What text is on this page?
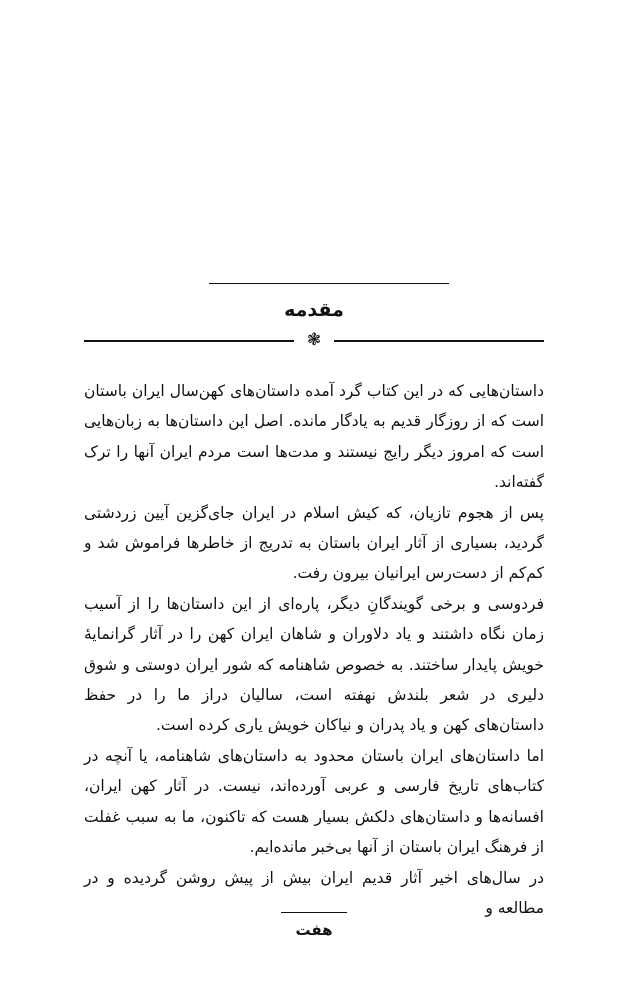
مقدمه
❃

داستان‌هایی که در این کتاب گرد آمده داستان‌های کهن‌سال ایران باستان است که از روزگار قدیم به یادگار مانده. اصل این داستان‌ها به زبان‌هایی است که امروز دیگر رایج نیستند و مدت‌ها است مردم ایران آنها را ترک گفته‌اند.

پس از هجوم تازیان، که کیش اسلام در ایران جای‌گزین آیین زردشتی گردید، بسیاری از آثار ایران باستان به تدریج از خاطرها فراموش شد و کم‌کم از دست‌رس ایرانیان بیرون رفت.

فردوسی و برخی گویندگانِ دیگر، پاره‌ای از این داستان‌ها را از آسیب زمان نگاه داشتند و یاد دلاوران و شاهان ایران کهن را در آثار گرانمایهٔ خویش پایدار ساختند. به خصوص شاهنامه که شور ایران دوستی و شوق دلیری در شعر بلندش نهفته است، سالیان دراز ما را در حفظ داستان‌های کهن و یاد پدران و نیاکان خویش یاری کرده است.

اما داستان‌های ایران باستان محدود به داستان‌های شاهنامه، یا آنچه در کتاب‌های تاریخ فارسی و عربی آورده‌اند، نیست. در آثار کهن ایران، افسانه‌ها و داستان‌های دلکش بسیار هست که تاکنون، ما به سبب غفلت از فرهنگ ایران باستان از آنها بی‌خبر مانده‌ایم.

در سال‌های اخیر آثار قدیم ایران بیش از پیش روشن گردیده و در مطالعه و

هفت
